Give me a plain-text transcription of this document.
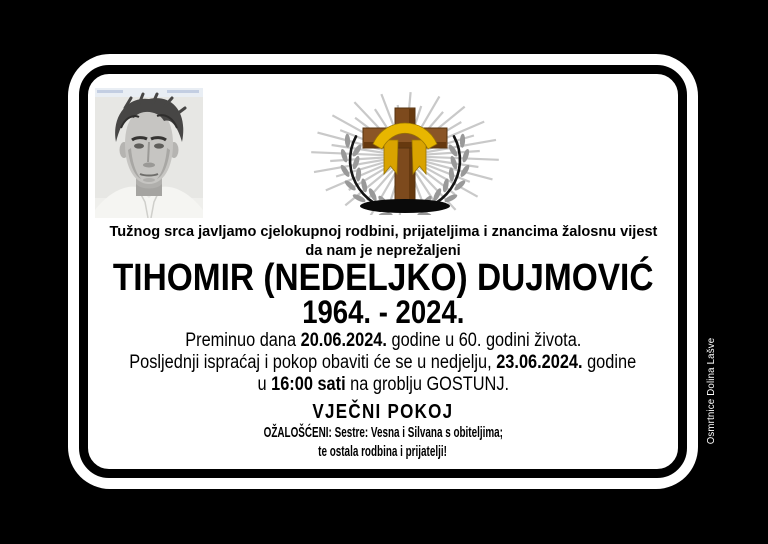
Tužnog srca javljamo cjelokupnoj rodbini, prijateljima i znancima žalosnu vijest
da nam je neprežaljeni
TIHOMIR (NEDELJKO) DUJMOVIĆ
1964. - 2024.
Preminuo dana 20.06.2024. godine u 60. godini života.
Posljednji ispraćaj i pokop obaviti će se u nedjelju, 23.06.2024. godine
u 16:00 sati na groblju GOSTUNJ.
VJEČNI POKOJ
OŽALOŠĆENI: Sestre: Vesna i Silvana s obiteljima;
te ostala rodbina i prijatelji!
Osmrtnice Dolina Lašve
